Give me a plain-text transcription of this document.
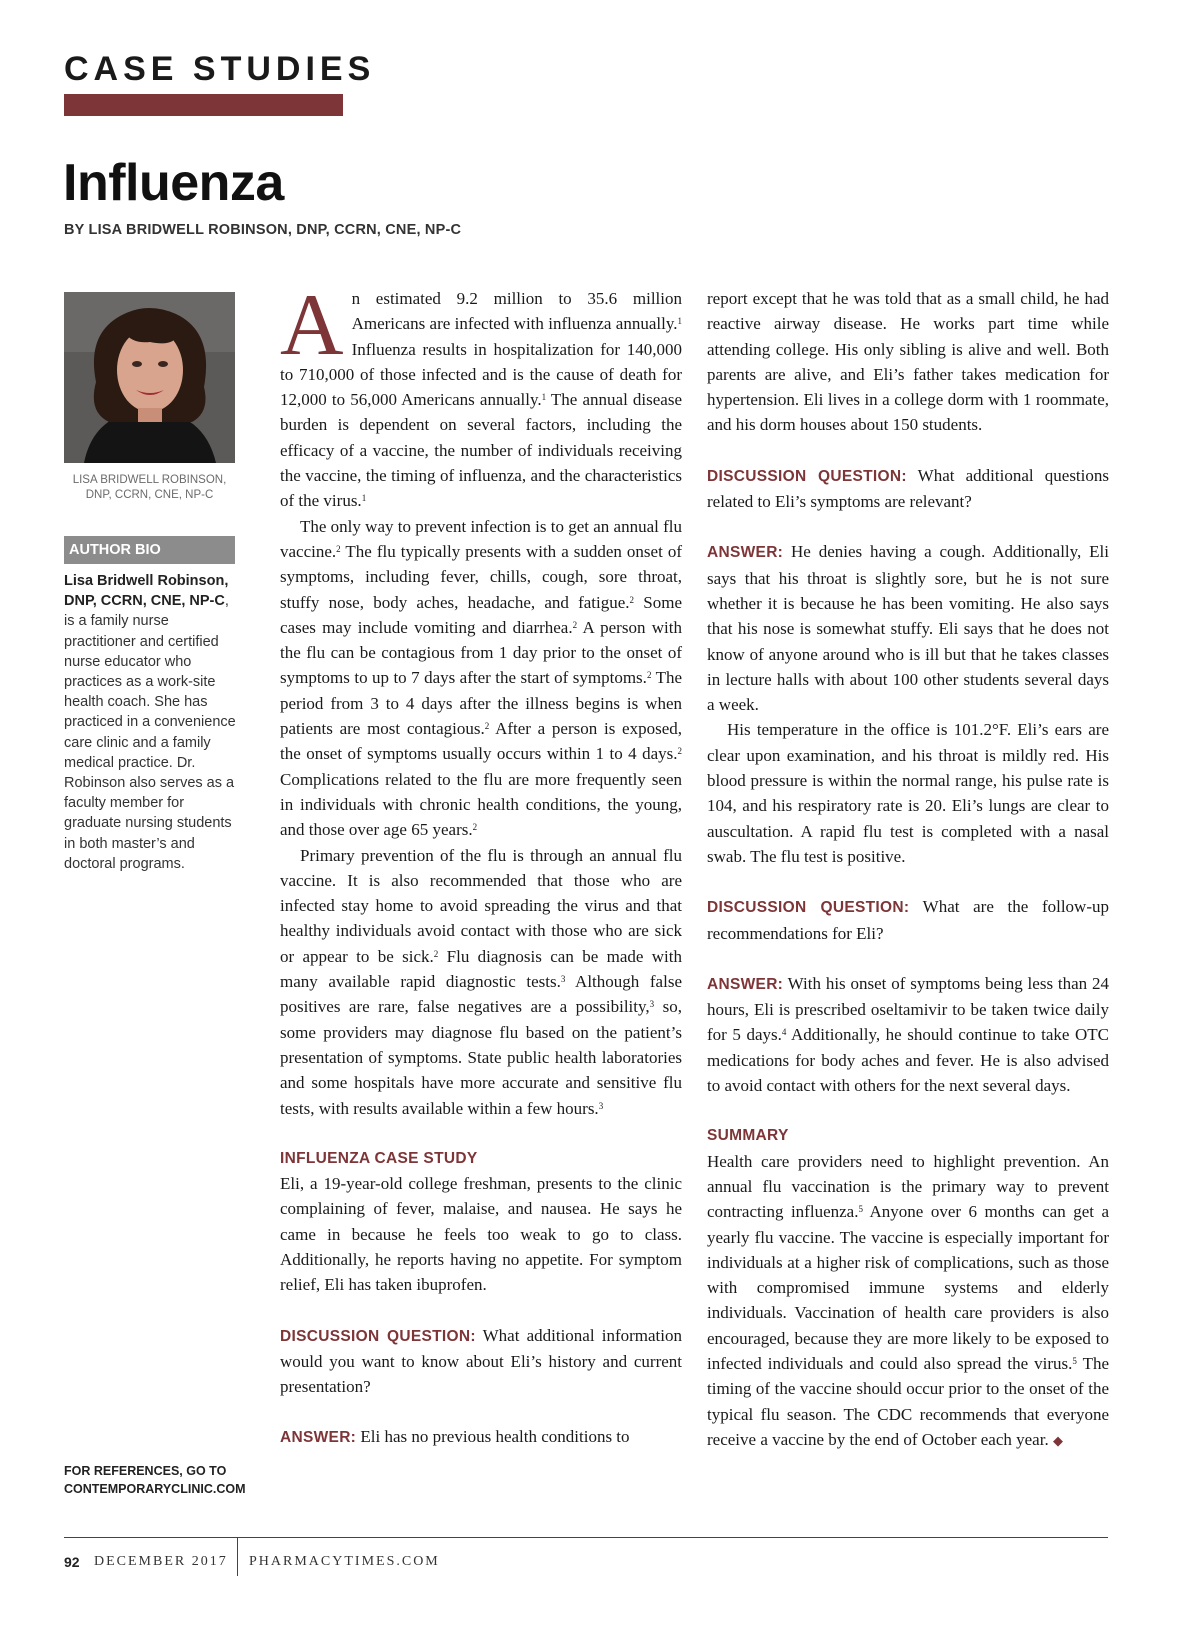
CASE STUDIES
Influenza
BY LISA BRIDWELL ROBINSON, DNP, CCRN, CNE, NP-C
LISA BRIDWELL ROBINSON,
DNP, CCRN, CNE, NP-C
AUTHOR BIO
Lisa Bridwell Robinson, DNP, CCRN, CNE, NP-C, is a family nurse practitioner and certified nurse educator who practices as a work-site health coach. She has practiced in a convenience care clinic and a family medical practice. Dr. Robinson also serves as a faculty member for graduate nursing students in both master’s and doctoral programs.
FOR REFERENCES, GO TO
CONTEMPORARYCLINIC.COM

An estimated 9.2 million to 35.6 million Americans are infected with influenza annually.$^1$ Influenza results in hospitalization for 140,000 to 710,000 of those infected and is the cause of death for 12,000 to 56,000 Americans annually.$^1$ The annual disease burden is dependent on several factors, including the efficacy of a vaccine, the number of individuals receiving the vaccine, the timing of influenza, and the characteristics of the virus.$^1$

The only way to prevent infection is to get an annual flu vaccine.$^2$ The flu typically presents with a sudden onset of symptoms, including fever, chills, cough, sore throat, stuffy nose, body aches, headache, and fatigue.$^2$ Some cases may include vomiting and diarrhea.$^2$ A person with the flu can be contagious from 1 day prior to the onset of symptoms to up to 7 days after the start of symptoms.$^2$ The period from 3 to 4 days after the illness begins is when patients are most contagious.$^2$ After a person is exposed, the onset of symptoms usually occurs within 1 to 4 days.$^2$ Complications related to the flu are more frequently seen in individuals with chronic health conditions, the young, and those over age 65 years.$^2$

Primary prevention of the flu is through an annual flu vaccine. It is also recommended that those who are infected stay home to avoid spreading the virus and that healthy individuals avoid contact with those who are sick or appear to be sick.$^2$ Flu diagnosis can be made with many available rapid diagnostic tests.$^3$ Although false positives are rare, false negatives are a possibility,$^3$ so, some providers may diagnose flu based on the patient’s presentation of symptoms. State public health laboratories and some hospitals have more accurate and sensitive flu tests, with results available within a few hours.$^3$

INFLUENZA CASE STUDY

Eli, a 19-year-old college freshman, presents to the clinic complaining of fever, malaise, and nausea. He says he came in because he feels too weak to go to class. Additionally, he reports having no appetite. For symptom relief, Eli has taken ibuprofen.

DISCUSSION QUESTION: What additional information would you want to know about Eli’s history and current presentation?

ANSWER: Eli has no previous health conditions to

report except that he was told that as a small child, he had reactive airway disease. He works part time while attending college. His only sibling is alive and well. Both parents are alive, and Eli’s father takes medication for hypertension. Eli lives in a college dorm with 1 roommate, and his dorm houses about 150 students.

DISCUSSION QUESTION: What additional questions related to Eli’s symptoms are relevant?

ANSWER: He denies having a cough. Additionally, Eli says that his throat is slightly sore, but he is not sure whether it is because he has been vomiting. He also says that his nose is somewhat stuffy. Eli says that he does not know of anyone around who is ill but that he takes classes in lecture halls with about 100 other students several days a week.

His temperature in the office is 101.2°F. Eli’s ears are clear upon examination, and his throat is mildly red. His blood pressure is within the normal range, his pulse rate is 104, and his respiratory rate is 20. Eli’s lungs are clear to auscultation. A rapid flu test is completed with a nasal swab. The flu test is positive.

DISCUSSION QUESTION: What are the follow-up recommendations for Eli?

ANSWER: With his onset of symptoms being less than 24 hours, Eli is prescribed oseltamivir to be taken twice daily for 5 days.$^4$ Additionally, he should continue to take OTC medications for body aches and fever. He is also advised to avoid contact with others for the next several days.

SUMMARY

Health care providers need to highlight prevention. An annual flu vaccination is the primary way to prevent contracting influenza.$^5$ Anyone over 6 months can get a yearly flu vaccine. The vaccine is especially important for individuals at a higher risk of complications, such as those with compromised immune systems and elderly individuals. Vaccination of health care providers is also encouraged, because they are more likely to be exposed to infected individuals and could also spread the virus.$^5$ The timing of the vaccine should occur prior to the onset of the typical flu season. The CDC recommends that everyone receive a vaccine by the end of October each year. ◆

92 DECEMBER 2017 PHARMACYTIMES.COM
